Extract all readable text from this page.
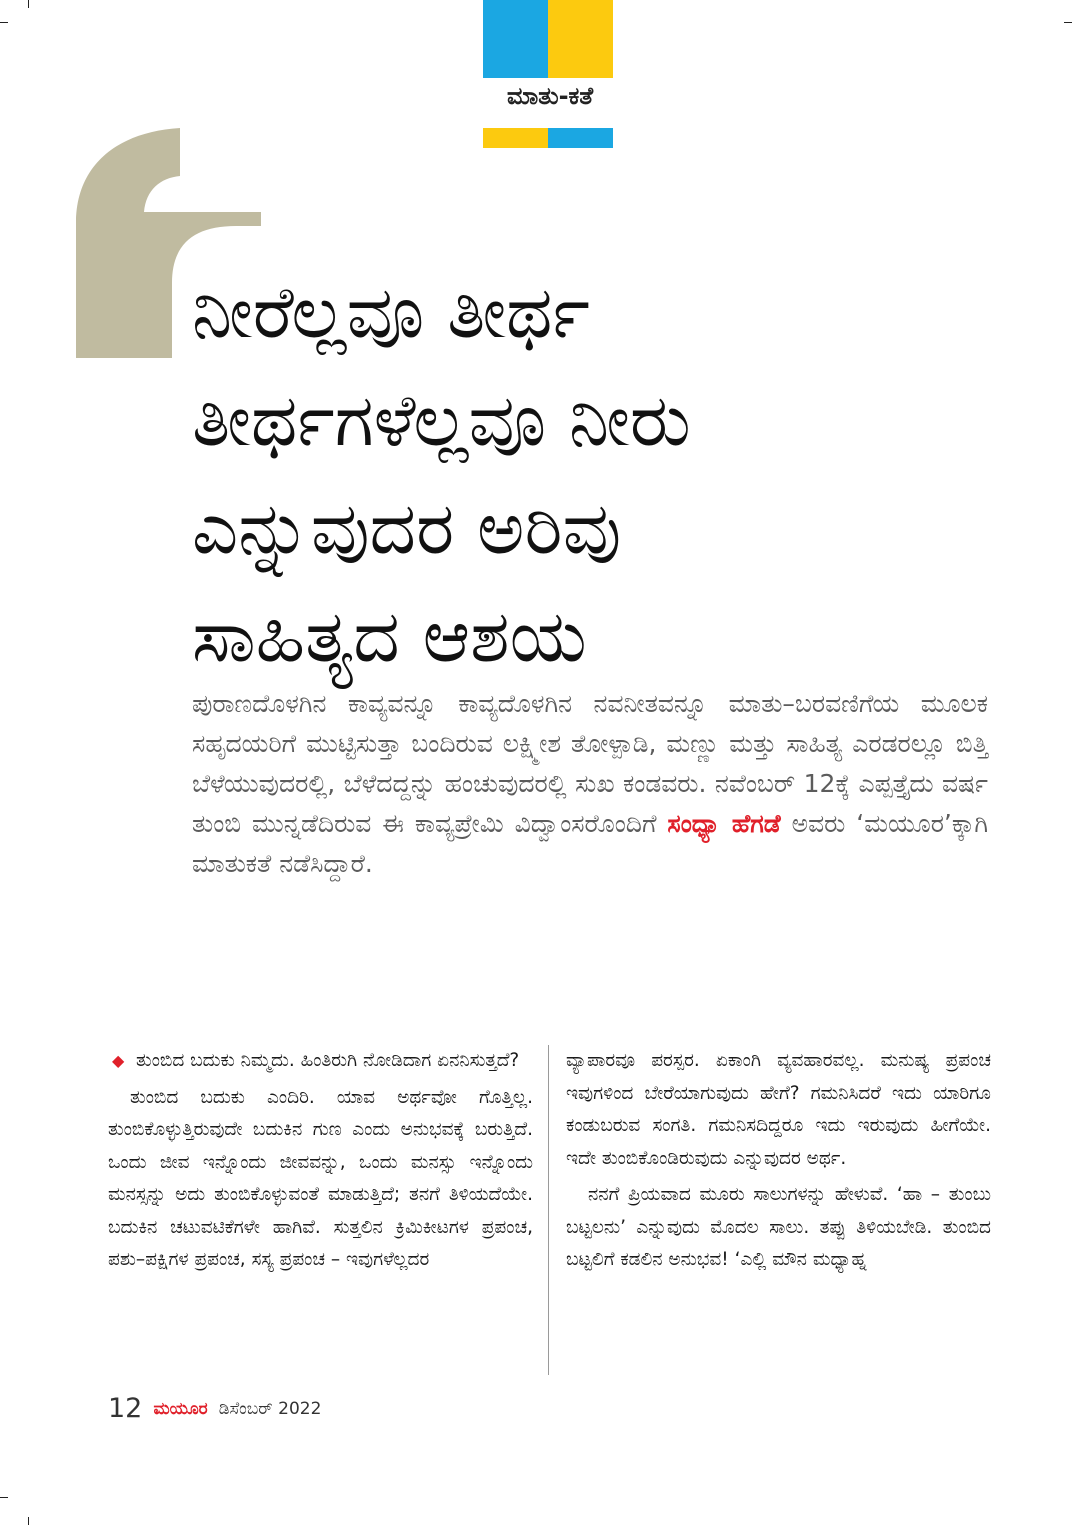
ಮಾತು-ಕತೆ
ನೀರೆಲ್ಲವೂ ತೀರ್ಥ
ತೀರ್ಥಗಳೆಲ್ಲವೂ ನೀರು
ಎನ್ನುವುದರ ಅರಿವು
ಸಾಹಿತ್ಯದ ಆಶಯ

ಪುರಾಣದೊಳಗಿನ ಕಾವ್ಯವನ್ನೂ ಕಾವ್ಯದೊಳಗಿನ ನವನೀತವನ್ನೂ ಮಾತು–ಬರವಣಿಗೆಯ ಮೂಲಕ ಸಹೃದಯರಿಗೆ ಮುಟ್ಟಿಸುತ್ತಾ ಬಂದಿರುವ ಲಕ್ಷ್ಮೀಶ ತೋಳ್ಪಾಡಿ, ಮಣ್ಣು ಮತ್ತು ಸಾಹಿತ್ಯ ಎರಡರಲ್ಲೂ ಬಿತ್ತಿ ಬೆಳೆಯುವುದರಲ್ಲಿ, ಬೆಳೆದದ್ದನ್ನು ಹಂಚುವುದರಲ್ಲಿ ಸುಖ ಕಂಡವರು. ನವೆಂಬರ್ 12ಕ್ಕೆ ಎಪ್ಪತ್ತೈದು ವರ್ಷ ತುಂಬಿ ಮುನ್ನಡೆದಿರುವ ಈ ಕಾವ್ಯಪ್ರೇಮಿ ವಿದ್ವಾಂಸರೊಂದಿಗೆ ಸಂಧ್ಯಾ ಹೆಗಡೆ ಅವರು ‘ಮಯೂರ’ಕ್ಕಾಗಿ ಮಾತುಕತೆ ನಡೆಸಿದ್ದಾರೆ.

◆ ತುಂಬಿದ ಬದುಕು ನಿಮ್ಮದು. ಹಿಂತಿರುಗಿ ನೋಡಿದಾಗ ಏನನಿಸುತ್ತದೆ?

ತುಂಬಿದ ಬದುಕು ಎಂದಿರಿ. ಯಾವ ಅರ್ಥವೋ ಗೊತ್ತಿಲ್ಲ. ತುಂಬಿಕೊಳ್ಳುತ್ತಿರುವುದೇ ಬದುಕಿನ ಗುಣ ಎಂದು ಅನುಭವಕ್ಕೆ ಬರುತ್ತಿದೆ. ಒಂದು ಜೀವ ಇನ್ನೊಂದು ಜೀವವನ್ನು, ಒಂದು ಮನಸ್ಸು ಇನ್ನೊಂದು ಮನಸ್ಸನ್ನು ಅದು ತುಂಬಿಕೊಳ್ಳುವಂತೆ ಮಾಡುತ್ತಿದೆ; ತನಗೆ ತಿಳಿಯದೆಯೇ. ಬದುಕಿನ ಚಟುವಟಿಕೆಗಳೇ ಹಾಗಿವೆ. ಸುತ್ತಲಿನ ಕ್ರಿಮಿಕೀಟಗಳ ಪ್ರಪಂಚ, ಪಶು–ಪಕ್ಷಿಗಳ ಪ್ರಪಂಚ, ಸಸ್ಯ ಪ್ರಪಂಚ – ಇವುಗಳೆಲ್ಲದರ

ವ್ಯಾಪಾರವೂ ಪರಸ್ಪರ. ಏಕಾಂಗಿ ವ್ಯವಹಾರವಲ್ಲ. ಮನುಷ್ಯ ಪ್ರಪಂಚ ಇವುಗಳಿಂದ ಬೇರೆಯಾಗುವುದು ಹೇಗೆ? ಗಮನಿಸಿದರೆ ಇದು ಯಾರಿಗೂ ಕಂಡುಬರುವ ಸಂಗತಿ. ಗಮನಿಸದಿದ್ದರೂ ಇದು ಇರುವುದು ಹೀಗೆಯೇ. ಇದೇ ತುಂಬಿಕೊಂಡಿರುವುದು ಎನ್ನುವುದರ ಅರ್ಥ.

ನನಗೆ ಪ್ರಿಯವಾದ ಮೂರು ಸಾಲುಗಳನ್ನು ಹೇಳುವೆ. ‘ಹಾ – ತುಂಬು ಬಟ್ಟಲನು’ ಎನ್ನುವುದು ಮೊದಲ ಸಾಲು. ತಪ್ಪು ತಿಳಿಯಬೇಡಿ. ತುಂಬಿದ ಬಟ್ಟಲಿಗೆ ಕಡಲಿನ ಅನುಭವ! ‘ಎಲ್ಲಿ ಮೌನ ಮಧ್ಯಾಹ್ನ

12 ಮಯೂರ ಡಿಸೆಂಬರ್ 2022
